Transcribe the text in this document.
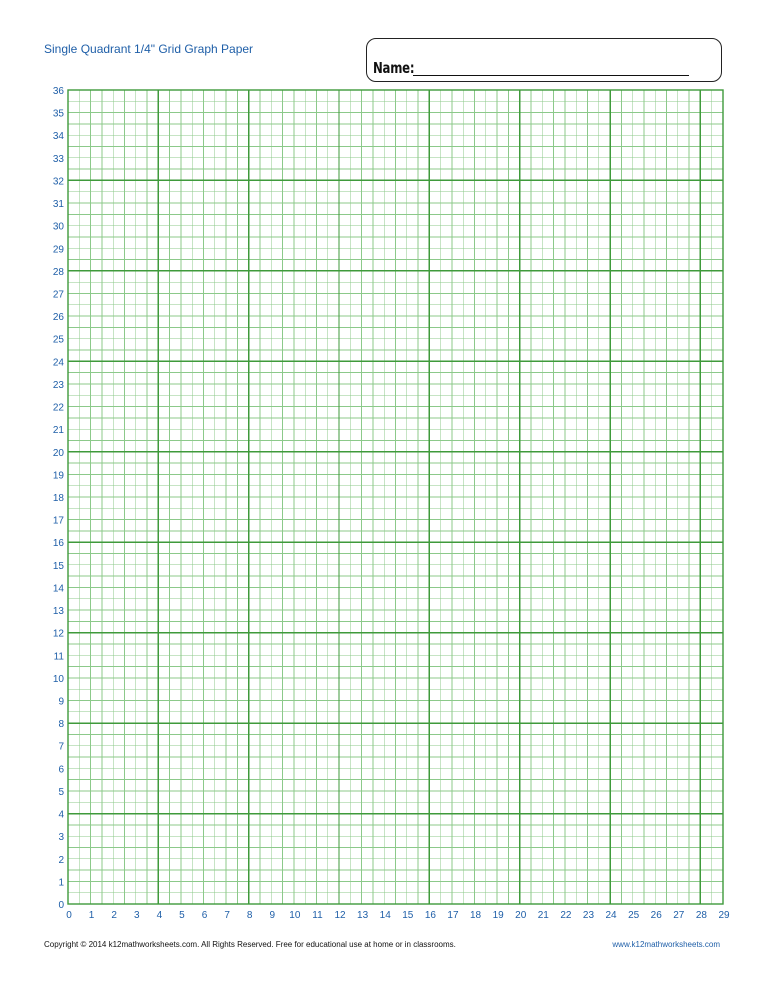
Single Quadrant 1/4" Grid Graph Paper
Name:
0 1 2 3 4 5 6 7 8 9 10 11 12 13 14 15 16 17 18 19 20 21 22 23 24 25 26 27 28 29
0
1
2
3
4
5
6
7
8
9
10
11
12
13
14
15
16
17
18
19
20
21
22
23
24
25
26
27
28
29
30
31
32
33
34
35
36
Copyright © 2014 k12mathworksheets.com. All Rights Reserved. Free for educational use at home or in classrooms.	www.k12mathworksheets.com
